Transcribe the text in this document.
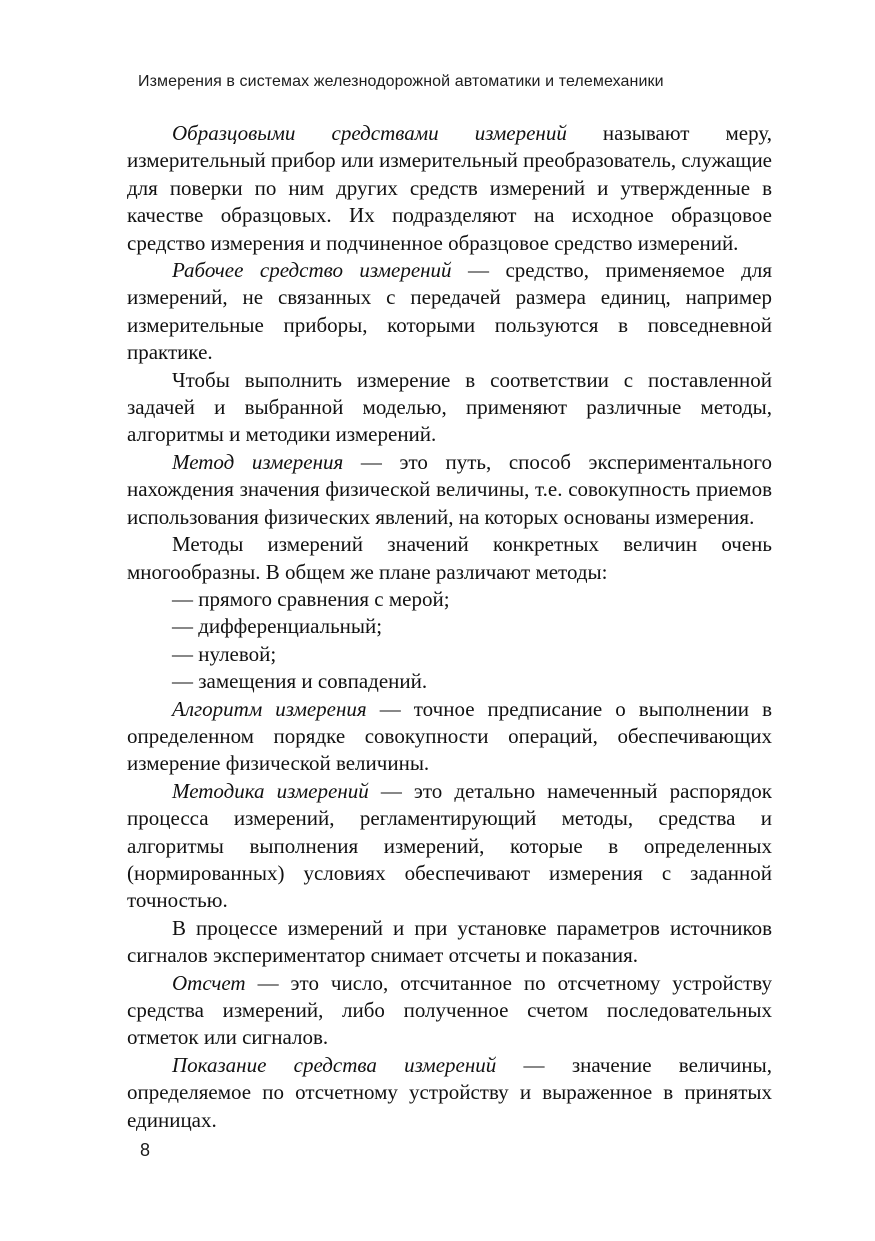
Измерения в системах железнодорожной автоматики и телемеханики

Образцовыми средствами измерений называют меру, измерительный прибор или измерительный преобразователь, служащие для поверки по ним других средств измерений и утвержденные в качестве образцовых. Их подразделяют на исходное образцовое средство измерения и подчиненное образцовое средство измерений.

Рабочее средство измерений — средство, применяемое для измерений, не связанных с передачей размера единиц, например измерительные приборы, которыми пользуются в повседневной практике.

Чтобы выполнить измерение в соответствии с поставленной задачей и выбранной моделью, применяют различные методы, алгоритмы и методики измерений.

Метод измерения — это путь, способ экспериментального нахождения значения физической величины, т.е. совокупность приемов использования физических явлений, на которых основаны измерения.

Методы измерений значений конкретных величин очень многообразны. В общем же плане различают методы:

— прямого сравнения с мерой;

— дифференциальный;

— нулевой;

— замещения и совпадений.

Алгоритм измерения — точное предписание о выполнении в определенном порядке совокупности операций, обеспечивающих измерение физической величины.

Методика измерений — это детально намеченный распорядок процесса измерений, регламентирующий методы, средства и алгоритмы выполнения измерений, которые в определенных (нормированных) условиях обеспечивают измерения с заданной точностью.

В процессе измерений и при установке параметров источников сигналов экспериментатор снимает отсчеты и показания.

Отсчет — это число, отсчитанное по отсчетному устройству средства измерений, либо полученное счетом последовательных отметок или сигналов.

Показание средства измерений — значение величины, определяемое по отсчетному устройству и выраженное в принятых единицах.

8
